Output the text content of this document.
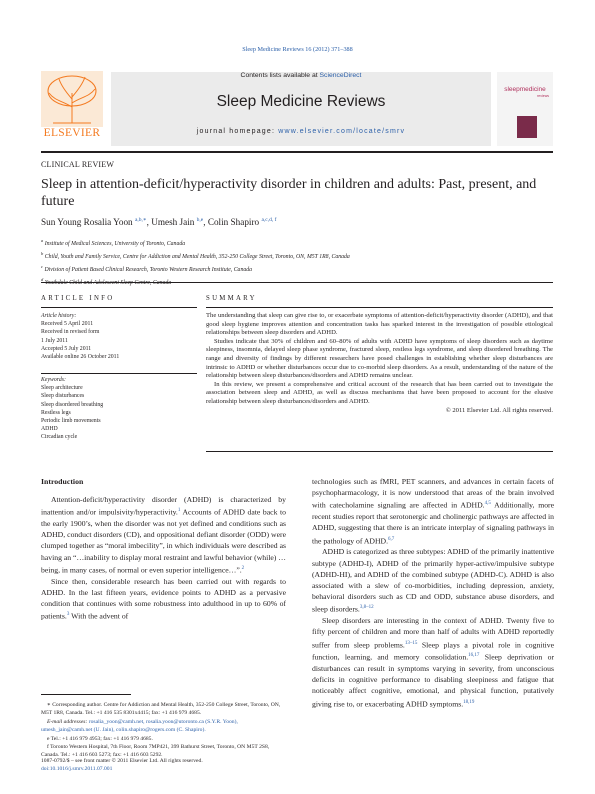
Sleep Medicine Reviews 16 (2012) 371–388
ELSEVIER
Contents lists available at ScienceDirect
Sleep Medicine Reviews
journal homepage: www.elsevier.com/locate/smrv
sleepmedicine
reviews
CLINICAL REVIEW
Sleep in attention-deficit/hyperactivity disorder in children and adults: Past, present, and future
Sun Young Rosalia Yoon $^{a,b,∗}$, Umesh Jain $^{b,e}$, Colin Shapiro $^{a,c,d, f}$
$^a$ Institute of Medical Sciences, University of Toronto, Canada
$^b$ Child, Youth and Family Service, Centre for Addiction and Mental Health, 352-250 College Street, Toronto, ON, M5T 1R8, Canada
$^c$ Division of Patient Based Clinical Research, Toronto Western Research Institute, Canada
$^d$ Youthdale Child and Adolescent Sleep Centre, Canada
ARTICLE INFO	SUMMARY
Article history:
Received 5 April 2011
Received in revised form
1 July 2011
Accepted 5 July 2011
Available online 26 October 2011
Keywords:
Sleep architecture
Sleep disturbances
Sleep disordered breathing
Restless legs
Periodic limb movements
ADHD
Circadian cycle

The understanding that sleep can give rise to, or exacerbate symptoms of attention-deficit/hyperactivity disorder (ADHD), and that good sleep hygiene improves attention and concentration tasks has sparked interest in the investigation of possible etiological relationships between sleep disorders and ADHD.

Studies indicate that 30% of children and 60–80% of adults with ADHD have symptoms of sleep disorders such as daytime sleepiness, insomnia, delayed sleep phase syndrome, fractured sleep, restless legs syndrome, and sleep disordered breathing. The range and diversity of findings by different researchers have posed challenges in establishing whether sleep disturbances are intrinsic to ADHD or whether disturbances occur due to co-morbid sleep disorders. As a result, understanding of the nature of the relationship between sleep disturbances/disorders and ADHD remains unclear.

In this review, we present a comprehensive and critical account of the research that has been carried out to investigate the association between sleep and ADHD, as well as discuss mechanisms that have been proposed to account for the elusive relationship between sleep disturbances/disorders and ADHD.

© 2011 Elsevier Ltd. All rights reserved.
Introduction

Attention-deficit/hyperactivity disorder (ADHD) is characterized by inattention and/or impulsivity/hyperactivity.$^1$ Accounts of ADHD date back to the early 1900’s, when the disorder was not yet defined and conditions such as ADHD, conduct disorders (CD), and oppositional defiant disorder (ODD) were clumped together as “moral imbecility”, in which individuals were described as having an “…inability to display moral restraint and lawful behavior (while) … being, in many cases, of normal or even superior intelligence…”.$^2$

Since then, considerable research has been carried out with regards to ADHD. In the last fifteen years, evidence points to ADHD as a pervasive condition that continues with some robustness into adulthood in up to 60% of patients.$^3$ With the advent of

technologies such as fMRI, PET scanners, and advances in certain facets of psychopharmacology, it is now understood that areas of the brain involved with catecholamine signaling are affected in ADHD.$^{4,5}$ Additionally, more recent studies report that serotonergic and cholinergic pathways are affected in ADHD, suggesting that there is an intricate interplay of signaling pathways in the pathology of ADHD.$^{6,7}$

ADHD is categorized as three subtypes: ADHD of the primarily inattentive subtype (ADHD-I), ADHD of the primarily hyper-active/impulsive subtype (ADHD-HI), and ADHD of the combined subtype (ADHD-C). ADHD is also associated with a slew of co-morbidities, including depression, anxiety, behavioral disorders such as CD and ODD, substance abuse disorders, and sleep disorders.$^{3,8-12}$

Sleep disorders are interesting in the context of ADHD. Twenty five to fifty percent of children and more than half of adults with ADHD reportedly suffer from sleep problems.$^{13-15}$ Sleep plays a pivotal role in cognitive function, learning, and memory consolidation.$^{16,17}$ Sleep deprivation or disturbances can result in symptoms varying in severity, from unconscious deficits in cognitive performance to disabling sleepiness and fatigue that noticeably affect cognitive, emotional, and physical function, putatively giving rise to, or exacerbating ADHD symptoms.$^{18,19}$

∗ Corresponding author. Centre for Addiction and Mental Health, 352-250 College Street, Toronto, ON, M5T 1R8, Canada. Tel.: +1 416 535 8301x4415; fax: +1 416 979 4685.

E-mail addresses: rosalia_yoon@camh.net, rosalia.yoon@utoronto.ca (S.Y.R. Yoon), umesh_jain@camh.net (U. Jain), colin.shapiro@rogers.com (C. Shapiro).

e Tel.: +1 416 979 4953; fax: +1 416 979 4685.

f Toronto Western Hospital, 7th Floor, Room 7MP421, 399 Bathurst Street, Toronto, ON M5T 2S8, Canada. Tel.: +1 416 603 5273; fax: +1 416 603 5292.

1087-0792/$ – see front matter © 2011 Elsevier Ltd. All rights reserved.
doi:10.1016/j.smrv.2011.07.001
